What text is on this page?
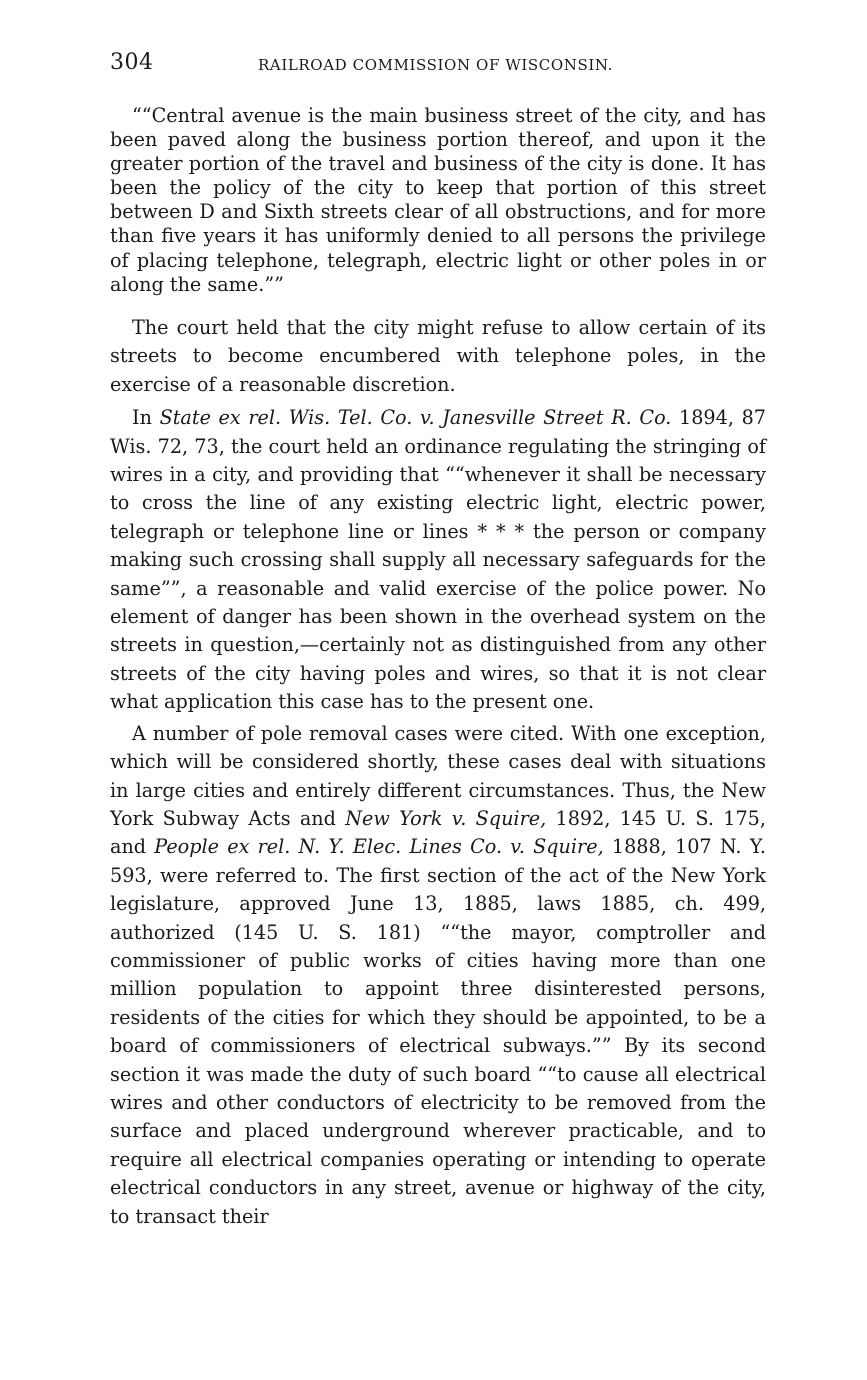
304	RAILROAD COMMISSION OF WISCONSIN.

““Central avenue is the main business street of the city, and has been paved along the business portion thereof, and upon it the greater portion of the travel and business of the city is done. It has been the policy of the city to keep that portion of this street between D and Sixth streets clear of all obstructions, and for more than five years it has uniformly denied to all persons the privilege of placing telephone, telegraph, electric light or other poles in or along the same.””

The court held that the city might refuse to allow certain of its streets to become encumbered with telephone poles, in the exercise of a reasonable discretion.

In State ex rel. Wis. Tel. Co. v. Janesville Street R. Co. 1894, 87 Wis. 72, 73, the court held an ordinance regulating the stringing of wires in a city, and providing that ““whenever it shall be necessary to cross the line of any existing electric light, electric power, telegraph or telephone line or lines * * * the person or company making such crossing shall supply all necessary safeguards for the same””, a reasonable and valid exercise of the police power. No element of danger has been shown in the overhead system on the streets in question,—certainly not as distinguished from any other streets of the city having poles and wires, so that it is not clear what application this case has to the present one.

A number of pole removal cases were cited. With one exception, which will be considered shortly, these cases deal with situations in large cities and entirely different circumstances. Thus, the New York Subway Acts and New York v. Squire, 1892, 145 U. S. 175, and People ex rel. N. Y. Elec. Lines Co. v. Squire, 1888, 107 N. Y. 593, were referred to. The first section of the act of the New York legislature, approved June 13, 1885, laws 1885, ch. 499, authorized (145 U. S. 181) ““the mayor, comptroller and commissioner of public works of cities having more than one million population to appoint three disinterested persons, residents of the cities for which they should be appointed, to be a board of commissioners of electrical subways.”” By its second section it was made the duty of such board ““to cause all electrical wires and other conductors of electricity to be removed from the surface and placed underground wherever practicable, and to require all electrical companies operating or intending to operate electrical conductors in any street, avenue or highway of the city, to transact their
